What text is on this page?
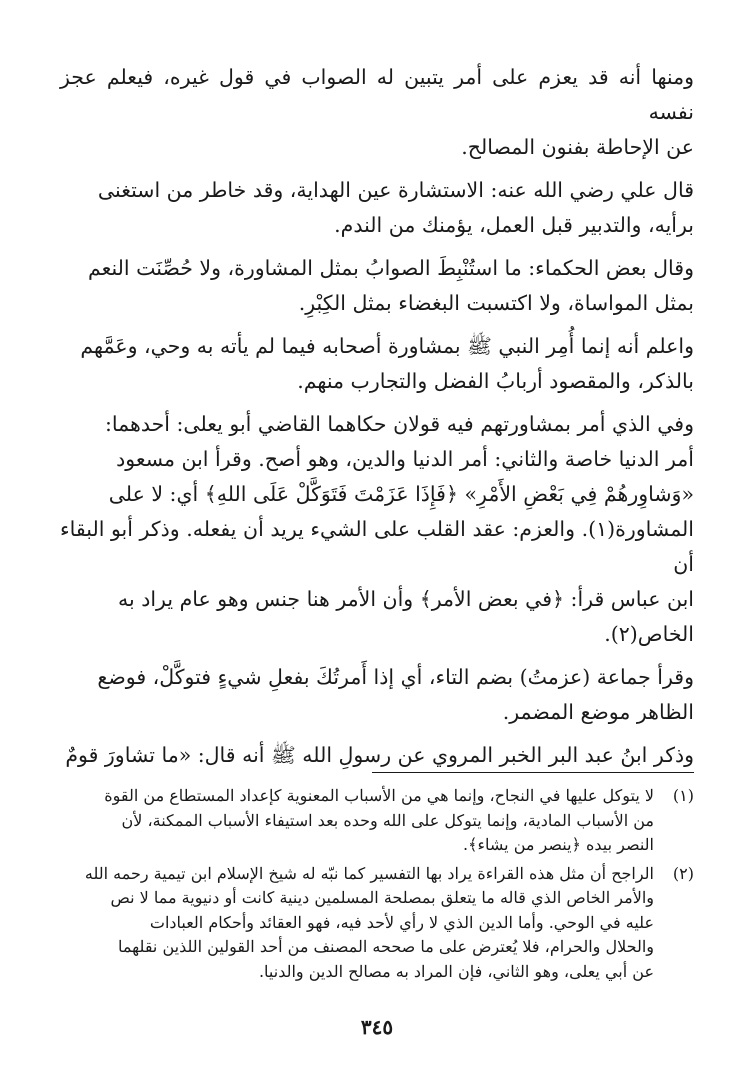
ومنها أنه قد يعزم على أمر يتبين له الصواب في قول غيره، فيعلم عجز نفسه
عن الإحاطة بفنون المصالح.

قال علي رضي الله عنه: الاستشارة عين الهداية، وقد خاطر من استغنى
برأيه، والتدبير قبل العمل، يؤمنك من الندم.

وقال بعض الحكماء: ما استُنْبِطَ الصوابُ بمثل المشاورة، ولا حُصِّنَت النعم
بمثل المواساة، ولا اكتسبت البغضاء بمثل الكِبْرِ.

واعلم أنه إنما أُمِر النبي ﷺ بمشاورة أصحابه فيما لم يأته به وحي، وعَمَّهم
بالذكر، والمقصود أربابُ الفضل والتجارب منهم.

وفي الذي أمر بمشاورتهم فيه قولان حكاهما القاضي أبو يعلى: أحدهما:
أمر الدنيا خاصة والثاني: أمر الدنيا والدين، وهو أصح. وقرأ ابن مسعود
«وَشاوِرهُمْ فِي بَعْضِ الأَمْرِ» ﴿فَإِذَا عَزَمْتَ فَتَوَكَّلْ عَلَى اللهِ﴾ أي: لا على
المشاورة(١). والعزم: عقد القلب على الشيء يريد أن يفعله. وذكر أبو البقاء أن
ابن عباس قرأ: ﴿في بعض الأمر﴾ وأن الأمر هنا جنس وهو عام يراد به
الخاص(٢).

وقرأ جماعة (عزمتُ) بضم التاء، أي إذا أَمرتُكَ بفعلِ شيءٍ فتوكَّلْ، فوضع
الظاهر موضع المضمر.

وذكر ابنُ عبد البر الخبر المروي عن رسولِ الله ﷺ أنه قال: «ما تشاورَ قومٌ

(١)
لا يتوكل عليها في النجاح، وإنما هي من الأسباب المعنوية كإعداد المستطاع من القوة
من الأسباب المادية، وإنما يتوكل على الله وحده بعد استيفاء الأسباب الممكنة، لأن
النصر بيده ﴿ينصر من يشاء﴾.
(٢)
الراجح أن مثل هذه القراءة يراد بها التفسير كما نبّه له شيخ الإسلام ابن تيمية رحمه الله
والأمر الخاص الذي قاله ما يتعلق بمصلحة المسلمين دينية كانت أو دنيوية مما لا نص
عليه في الوحي. وأما الدين الذي لا رأي لأحد فيه، فهو العقائد وأحكام العبادات
والحلال والحرام، فلا يُعترض على ما صححه المصنف من أحد القولين اللذين نقلهما
عن أبي يعلى، وهو الثاني، فإن المراد به مصالح الدين والدنيا.
٣٤٥
